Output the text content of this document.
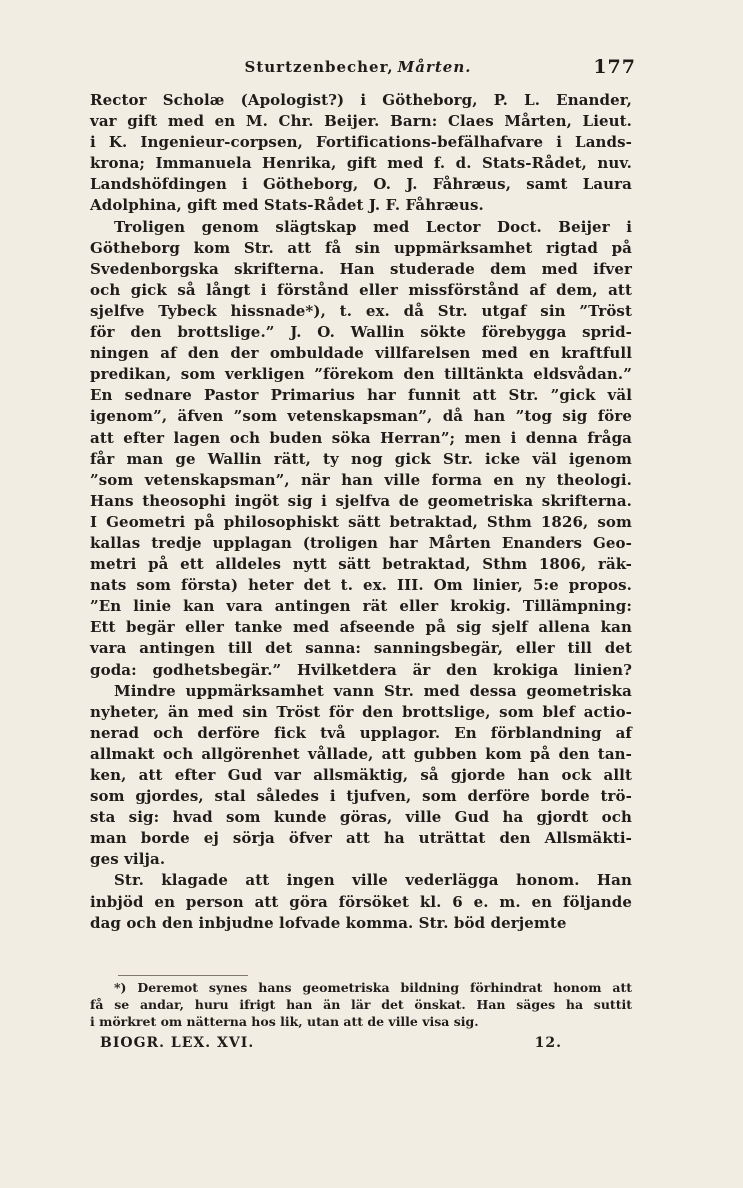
Sturtzenbecher, Mårten.	177
Rector Scholæ (Apologist?) i Götheborg, P. L. Enander,
var gift med en M. Chr. Beijer. Barn: Claes Mårten, Lieut.
i K. Ingenieur-corpsen, Fortifications-befälhafvare i Lands-
krona; Immanuela Henrika, gift med f. d. Stats-Rådet, nuv.
Landshöfdingen i Götheborg, O. J. Fåhræus, samt Laura
Adolphina, gift med Stats-Rådet J. F. Fåhræus.
Troligen genom slägtskap med Lector Doct. Beijer i
Götheborg kom Str. att få sin uppmärksamhet rigtad på
Svedenborgska skrifterna. Han studerade dem med ifver
och gick så långt i förstånd eller missförstånd af dem, att
sjelfve Tybeck hissnade*), t. ex. då Str. utgaf sin ”Tröst
för den brottslige.” J. O. Wallin sökte förebygga sprid-
ningen af den der ombuldade villfarelsen med en kraftfull
predikan, som verkligen ”förekom den tilltänkta eldsvådan.”
En sednare Pastor Primarius har funnit att Str. ”gick väl
igenom”, äfven ”som vetenskapsman”, då han ”tog sig före
att efter lagen och buden söka Herran”; men i denna fråga
får man ge Wallin rätt, ty nog gick Str. icke väl igenom
”som vetenskapsman”, när han ville forma en ny theologi.
Hans theosophi ingöt sig i sjelfva de geometriska skrifterna.
I Geometri på philosophiskt sätt betraktad, Sthm 1826, som
kallas tredje upplagan (troligen har Mårten Enanders Geo-
metri på ett alldeles nytt sätt betraktad, Sthm 1806, räk-
nats som första) heter det t. ex. III. Om linier, 5:e propos.
”En linie kan vara antingen rät eller krokig. Tillämpning:
Ett begär eller tanke med afseende på sig sjelf allena kan
vara antingen till det sanna: sanningsbegär, eller till det
goda: godhetsbegär.” Hvilketdera är den krokiga linien?
Mindre uppmärksamhet vann Str. med dessa geometriska
nyheter, än med sin Tröst för den brottslige, som blef actio-
nerad och derföre fick två upplagor. En förblandning af
allmakt och allgörenhet vållade, att gubben kom på den tan-
ken, att efter Gud var allsmäktig, så gjorde han ock allt
som gjordes, stal således i tjufven, som derföre borde trö-
sta sig: hvad som kunde göras, ville Gud ha gjordt och
man borde ej sörja öfver att ha uträttat den Allsmäkti-
ges vilja.
Str. klagade att ingen ville vederlägga honom. Han
inbjöd en person att göra försöket kl. 6 e. m. en följande
dag och den inbjudne lofvade komma. Str. böd derjemte
*) Deremot synes hans geometriska bildning förhindrat honom att
få se andar, huru ifrigt han än lär det önskat. Han säges ha suttit
i mörkret om nätterna hos lik, utan att de ville visa sig.
BIOGR. LEX. XVI.	12.
